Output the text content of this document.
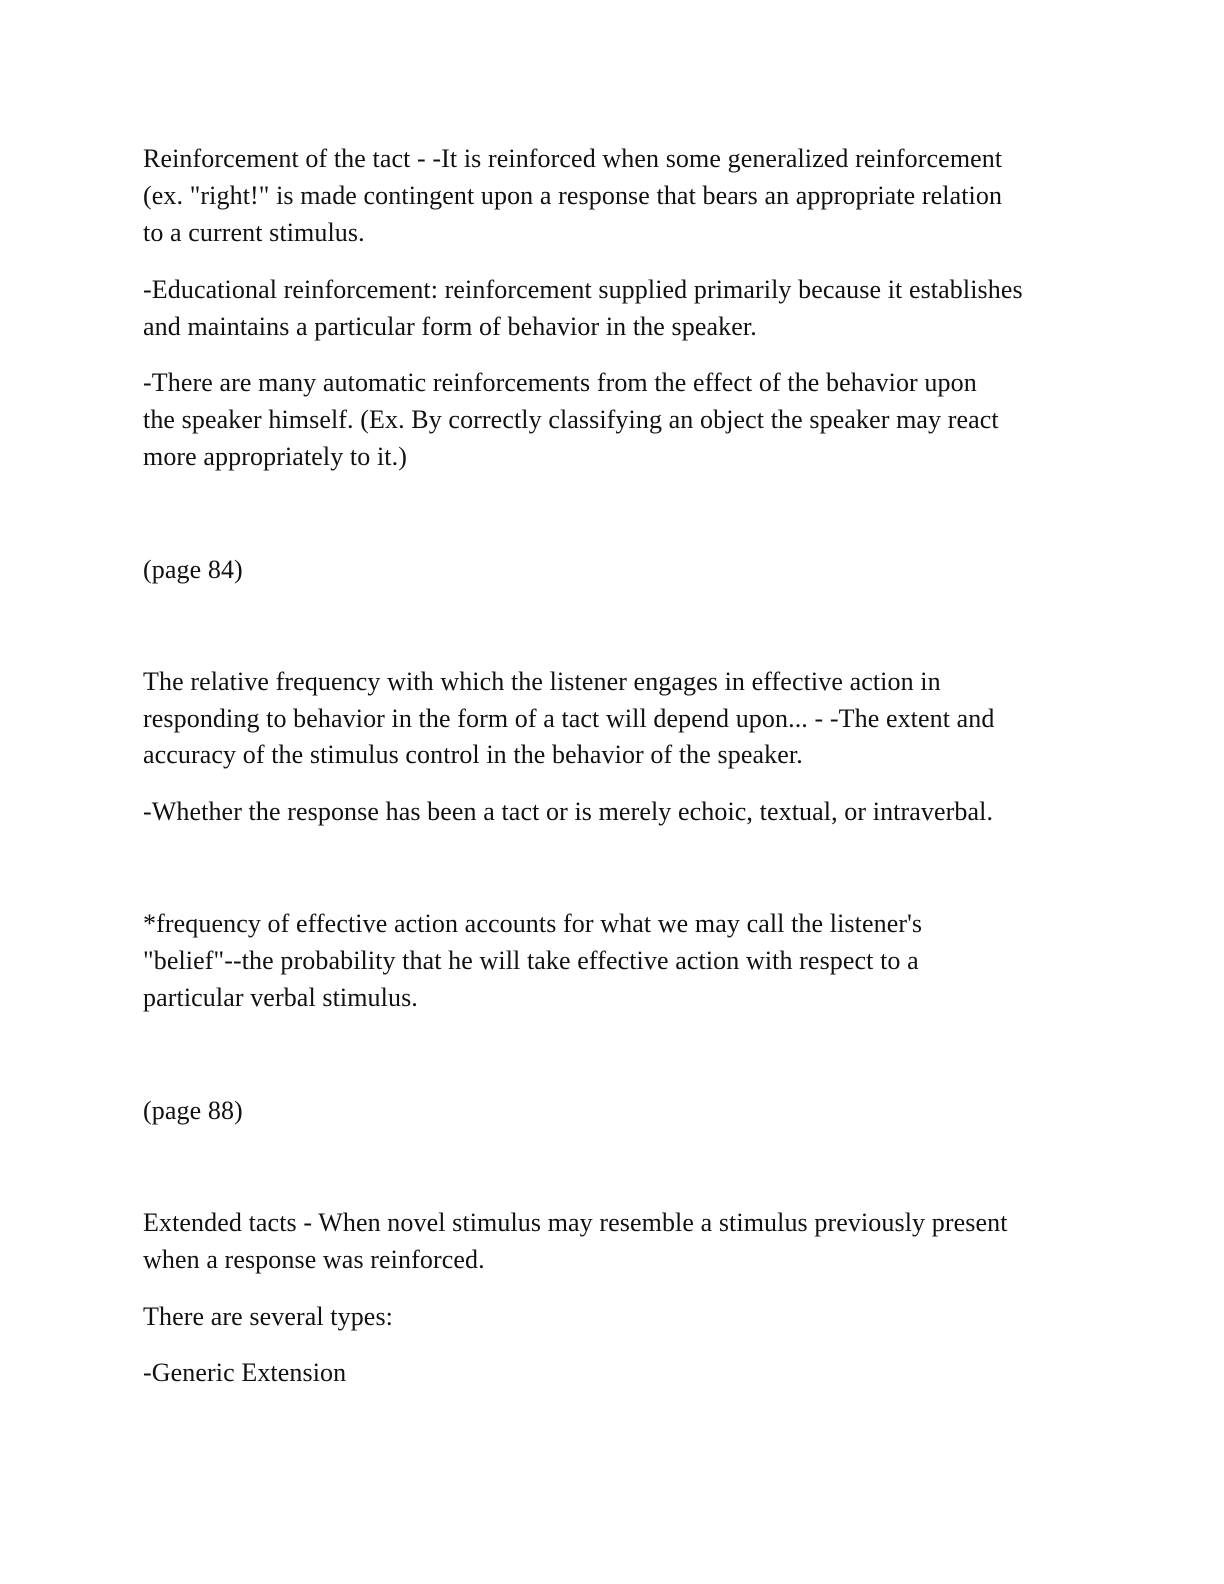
Reinforcement of the tact - -It is reinforced when some generalized reinforcement
(ex. "right!" is made contingent upon a response that bears an appropriate relation
to a current stimulus.
-Educational reinforcement: reinforcement supplied primarily because it establishes
and maintains a particular form of behavior in the speaker.
-There are many automatic reinforcements from the effect of the behavior upon
the speaker himself. (Ex. By correctly classifying an object the speaker may react
more appropriately to it.)
(page 84)
The relative frequency with which the listener engages in effective action in
responding to behavior in the form of a tact will depend upon... - -The extent and
accuracy of the stimulus control in the behavior of the speaker.
-Whether the response has been a tact or is merely echoic, textual, or intraverbal.
*frequency of effective action accounts for what we may call the listener's
"belief"--the probability that he will take effective action with respect to a
particular verbal stimulus.
(page 88)
Extended tacts - When novel stimulus may resemble a stimulus previously present
when a response was reinforced.
There are several types:
-Generic Extension
